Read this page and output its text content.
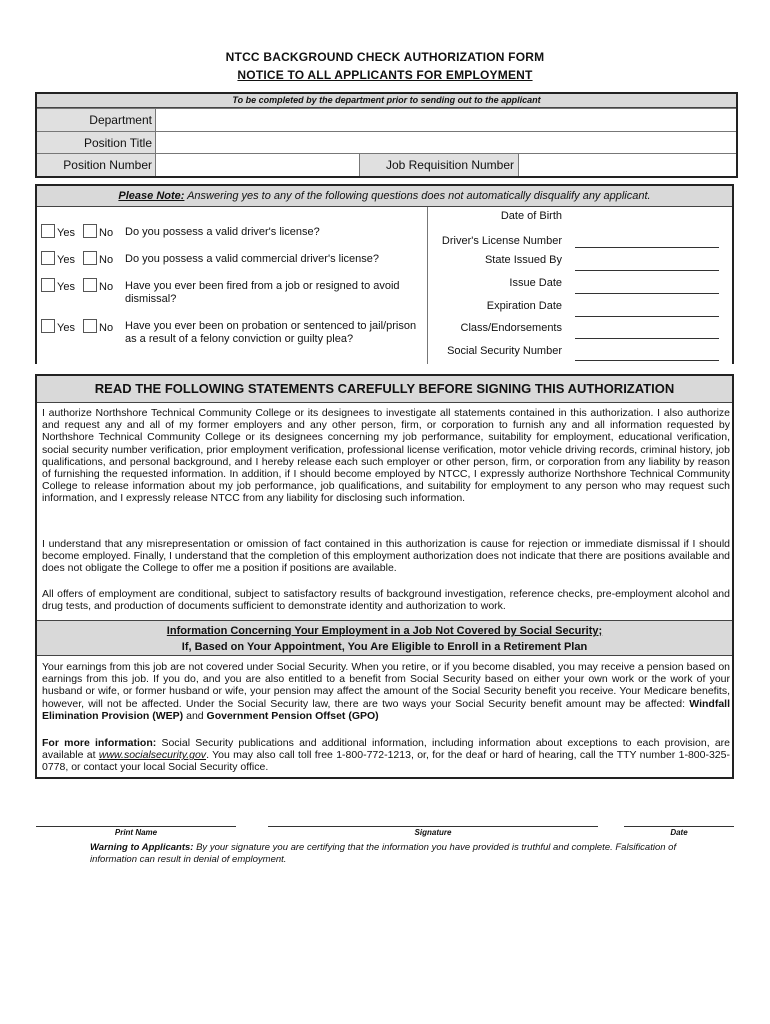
NTCC BACKGROUND CHECK AUTHORIZATION FORM
NOTICE TO ALL APPLICANTS FOR EMPLOYMENT
To be completed by the department prior to sending out to the applicant
Department
Position Title
Position Number	Job Requisition Number
Please Note: Answering yes to any of the following questions does not automatically disqualify any applicant.
Yes	No Do you possess a valid driver's license?
Yes	No Do you possess a valid commercial driver's license?
Yes	No Have you ever been fired from a job or resigned to avoid dismissal?
Yes	No Have you ever been on probation or sentenced to jail/prison as a result of a felony conviction or guilty plea?
Date of Birth
Driver's License Number
State Issued By
Issue Date
Expiration Date
Class/Endorsements
Social Security Number
READ THE FOLLOWING STATEMENTS CAREFULLY BEFORE SIGNING THIS AUTHORIZATION
I authorize Northshore Technical Community College or its designees to investigate all statements contained in this authorization. I also authorize and request any and all of my former employers and any other person, firm, or corporation to furnish any and all information requested by Northshore Technical Community College or its designees concerning my job performance, suitability for employment, educational verification, social security number verification, prior employment verification, professional license verification, motor vehicle driving records, criminal history, job qualifications, and personal background, and I hereby release each such employer or other person, firm, or corporation from any liability by reason of furnishing the requested information. In addition, if I should become employed by NTCC, I expressly authorize Northshore Technical Community College to release information about my job performance, job qualifications, and suitability for employment to any person who may request such information, and I expressly release NTCC from any liability for disclosing such information.
I understand that any misrepresentation or omission of fact contained in this authorization is cause for rejection or immediate dismissal if I should become employed. Finally, I understand that the completion of this employment authorization does not indicate that there are positions available and does not obligate the College to offer me a position if positions are available.
All offers of employment are conditional, subject to satisfactory results of background investigation, reference checks, pre-employment alcohol and drug tests, and production of documents sufficient to demonstrate identity and authorization to work.
Information Concerning Your Employment in a Job Not Covered by Social Security;
If, Based on Your Appointment, You Are Eligible to Enroll in a Retirement Plan
Your earnings from this job are not covered under Social Security. When you retire, or if you become disabled, you may receive a pension based on earnings from this job. If you do, and you are also entitled to a benefit from Social Security based on either your own work or the work of your husband or wife, or former husband or wife, your pension may affect the amount of the Social Security benefit you receive. Your Medicare benefits, however, will not be affected. Under the Social Security law, there are two ways your Social Security benefit amount may be affected: Windfall Elimination Provision (WEP) and Government Pension Offset (GPO)
For more information: Social Security publications and additional information, including information about exceptions to each provision, are available at www.socialsecurity.gov. You may also call toll free 1-800-772-1213, or, for the deaf or hard of hearing, call the TTY number 1-800-325-0778, or contact your local Social Security office.
Print Name	Signature	Date
Warning to Applicants: By your signature you are certifying that the information you have provided is truthful and complete. Falsification of information can result in denial of employment.
